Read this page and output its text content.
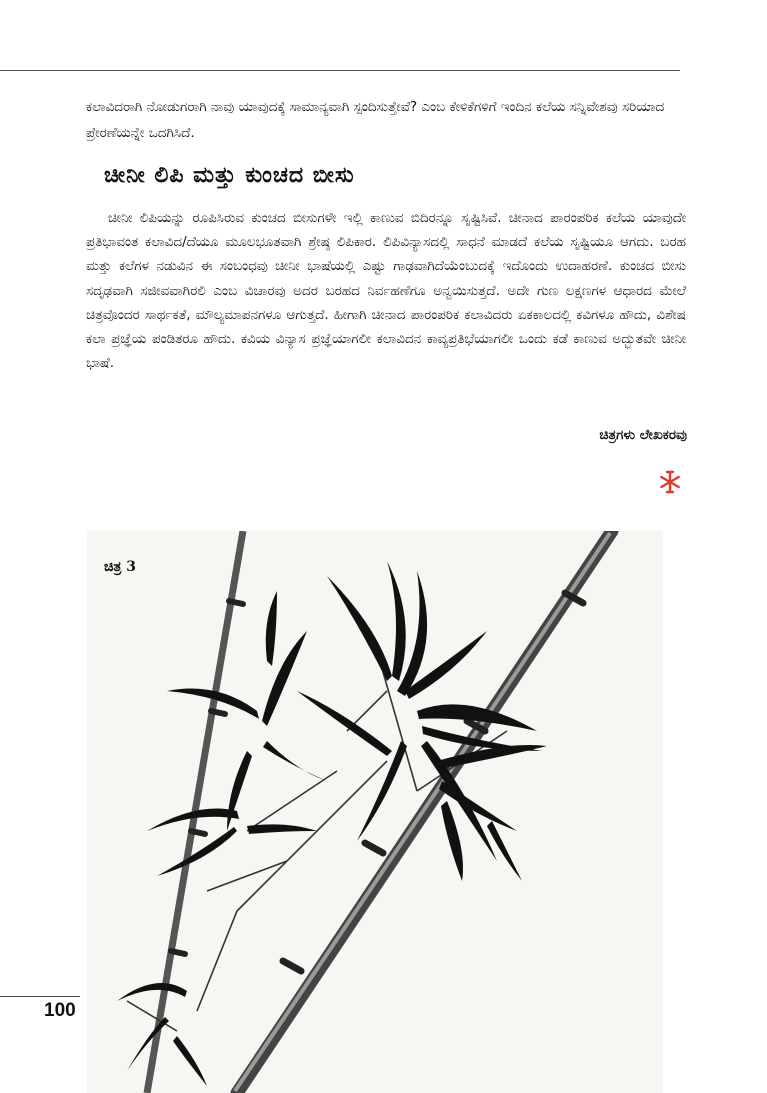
ಕಲಾವಿದರಾಗಿ ನೋಡುಗರಾಗಿ ನಾವು ಯಾವುದಕ್ಕೆ ಸಾಮಾನ್ಯವಾಗಿ ಸ್ಪಂದಿಸುತ್ತೇವೆ? ಎಂಬ ಕೇಳಿಕೆಗಳಿಗೆ ಇಂದಿನ ಕಲೆಯ ಸನ್ನಿವೇಶವು ಸರಿಯಾದ ಪ್ರೇರಣೆಯನ್ನೇ ಒದಗಿಸಿದೆ.

ಚೀನೀ ಲಿಪಿ ಮತ್ತು ಕುಂಚದ ಬೀಸು

ಚೀನೀ ಲಿಪಿಯನ್ನು ರೂಪಿಸಿರುವ ಕುಂಚದ ಬೀಸುಗಳೇ ಇಲ್ಲಿ ಕಾಣುವ ಬಿದಿರನ್ನೂ ಸೃಷ್ಟಿಸಿವೆ. ಚೀನಾದ ಪಾರಂಪರಿಕ ಕಲೆಯ ಯಾವುದೇ ಪ್ರತಿಭಾವಂತ ಕಲಾವಿದ/ದೆಯೂ ಮೂಲಭೂತವಾಗಿ ಶ್ರೇಷ್ಠ ಲಿಪಿಕಾರ. ಲಿಪಿವಿನ್ಯಾಸದಲ್ಲಿ ಸಾಧನೆ ಮಾಡದೆ ಕಲೆಯ ಸೃಷ್ಟಿಯೂ ಆಗದು. ಬರಹ ಮತ್ತು ಕಲೆಗಳ ನಡುವಿನ ಈ ಸಂಬಂಧವು ಚೀನೀ ಭಾಷೆಯಲ್ಲಿ ಎಷ್ಟು ಗಾಢವಾಗಿದೆಯೆಂಬುದಕ್ಕೆ ಇದೊಂದು ಉದಾಹರಣೆ. ಕುಂಚದ ಬೀಸು ಸದೃಢವಾಗಿ ಸಜೀವವಾಗಿರಲಿ ಎಂಬ ವಿಚಾರವು ಅದರ ಬರಹದ ನಿರ್ವಹಣೆಗೂ ಅನ್ವಯಿಸುತ್ತದೆ. ಅದೇ ಗುಣ ಲಕ್ಷಣಗಳ ಆಧಾರದ ಮೇಲೆ ಚಿತ್ರವೊಂದರ ಸಾರ್ಥಕತೆ, ಮೌಲ್ಯಮಾಪನಗಳೂ ಆಗುತ್ತದೆ. ಹೀಗಾಗಿ ಚೀನಾದ ಪಾರಂಪರಿಕ ಕಲಾವಿದರು ಏಕಕಾಲದಲ್ಲಿ ಕವಿಗಳೂ ಹೌದು, ವಿಶೇಷ ಕಲಾ ಪ್ರಜ್ಞೆಯ ಪಂಡಿತರೂ ಹೌದು. ಕವಿಯ ವಿನ್ಯಾಸ ಪ್ರಜ್ಞೆಯಾಗಲೀ ಕಲಾವಿದನ ಕಾವ್ಯಪ್ರತಿಭೆಯಾಗಲೀ ಒಂದು ಕಡೆ ಕಾಣುವ ಅದ್ಭುತವೇ ಚೀನೀ ಭಾಷೆ.

ಚಿತ್ರಗಳು ಲೇಖಕರವು

ಚಿತ್ರ 3
100
